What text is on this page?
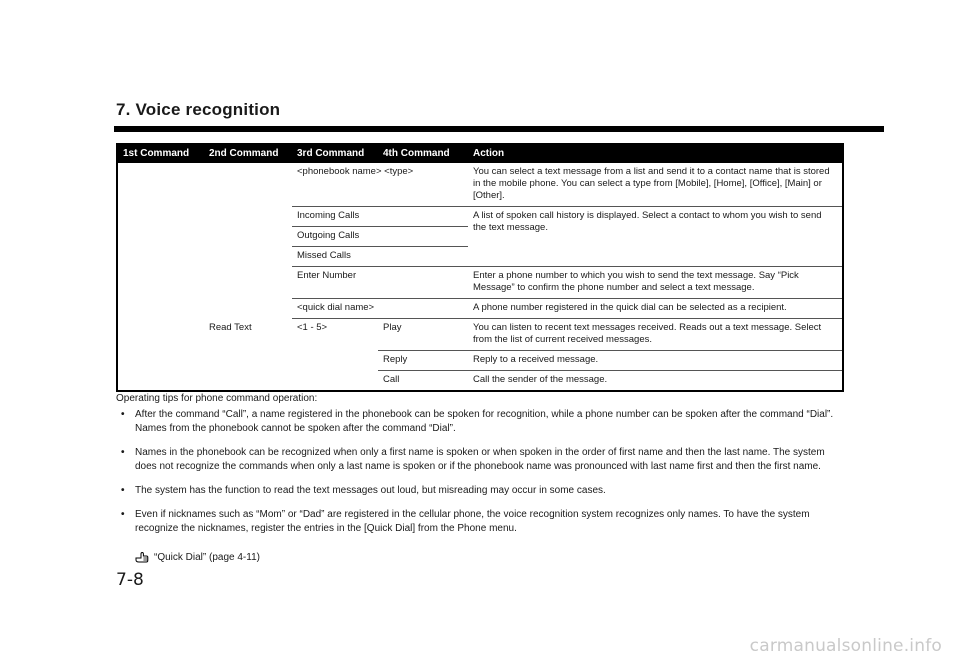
7. Voice recognition
1st Command	2nd Command	3rd Command	4th Command	Action
		<phonebook name> <type>		You can select a text message from a list and send it to a contact name that is stored in the mobile phone. You can select a type from [Mobile], [Home], [Office], [Main] or [Other].
		Incoming Calls		A list of spoken call history is displayed. Select a contact to whom you wish to send the text message.
		Outgoing Calls		
		Missed Calls		
		Enter Number		Enter a phone number to which you wish to send the text message. Say “Pick Message” to confirm the phone number and select a text message.
		<quick dial name>		A phone number registered in the quick dial can be selected as a recipient.
	Read Text	<1 - 5>	Play	You can listen to recent text messages received. Reads out a text message. Select from the list of current received messages.
			Reply	Reply to a received message.
			Call	Call the sender of the message.
Operating tips for phone command operation:
• After the command “Call”, a name registered in the phonebook can be spoken for recognition, while a phone number can be spoken after the command “Dial”. Names from the phonebook cannot be spoken after the command “Dial”.
• Names in the phonebook can be recognized when only a first name is spoken or when spoken in the order of first name and then the last name. The system does not recognize the commands when only a last name is spoken or if the phonebook name was pronounced with last name first and then the first name.
• The system has the function to read the text messages out loud, but misreading may occur in some cases.
• Even if nicknames such as “Mom” or “Dad” are registered in the cellular phone, the voice recognition system recognizes only names. To have the system recognize the nicknames, register the entries in the [Quick Dial] from the Phone menu.
“Quick Dial” (page 4-11)
7-8
carmanualsonline.info
